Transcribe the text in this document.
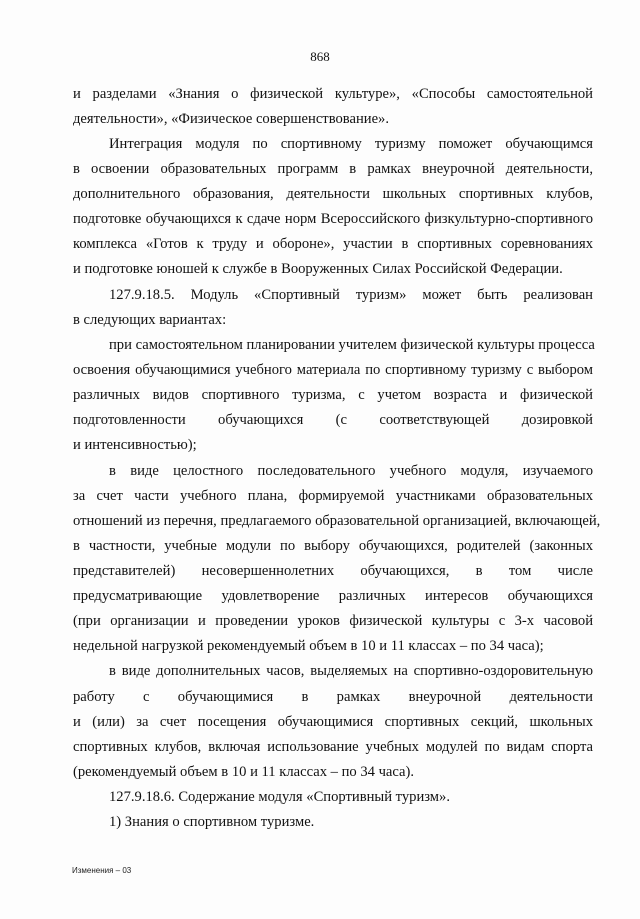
868
и разделами «Знания о физической культуре», «Способы самостоятельной
деятельности», «Физическое совершенствование».
Интеграция модуля по спортивному туризму поможет обучающимся
в освоении образовательных программ в рамках внеурочной деятельности,
дополнительного образования, деятельности школьных спортивных клубов,
подготовке обучающихся к сдаче норм Всероссийского физкультурно-спортивного
комплекса «Готов к труду и обороне», участии в спортивных соревнованиях
и подготовке юношей к службе в Вооруженных Силах Российской Федерации.
127.9.18.5. Модуль «Спортивный туризм» может быть реализован
в следующих вариантах:
при самостоятельном планировании учителем физической культуры процесса
освоения обучающимися учебного материала по спортивному туризму с выбором
различных видов спортивного туризма, с учетом возраста и физической
подготовленности обучающихся (с соответствующей дозировкой
и интенсивностью);
в виде целостного последовательного учебного модуля, изучаемого
за счет части учебного плана, формируемой участниками образовательных
отношений из перечня, предлагаемого образовательной организацией, включающей,
в частности, учебные модули по выбору обучающихся, родителей (законных
представителей) несовершеннолетних обучающихся, в том числе
предусматривающие удовлетворение различных интересов обучающихся
(при организации и проведении уроков физической культуры с 3-х часовой
недельной нагрузкой рекомендуемый объем в 10 и 11 классах – по 34 часа);
в виде дополнительных часов, выделяемых на спортивно-оздоровительную
работу с обучающимися в рамках внеурочной деятельности
и (или) за счет посещения обучающимися спортивных секций, школьных
спортивных клубов, включая использование учебных модулей по видам спорта
(рекомендуемый объем в 10 и 11 классах – по 34 часа).
127.9.18.6. Содержание модуля «Спортивный туризм».
1) Знания о спортивном туризме.
Изменения – 03
